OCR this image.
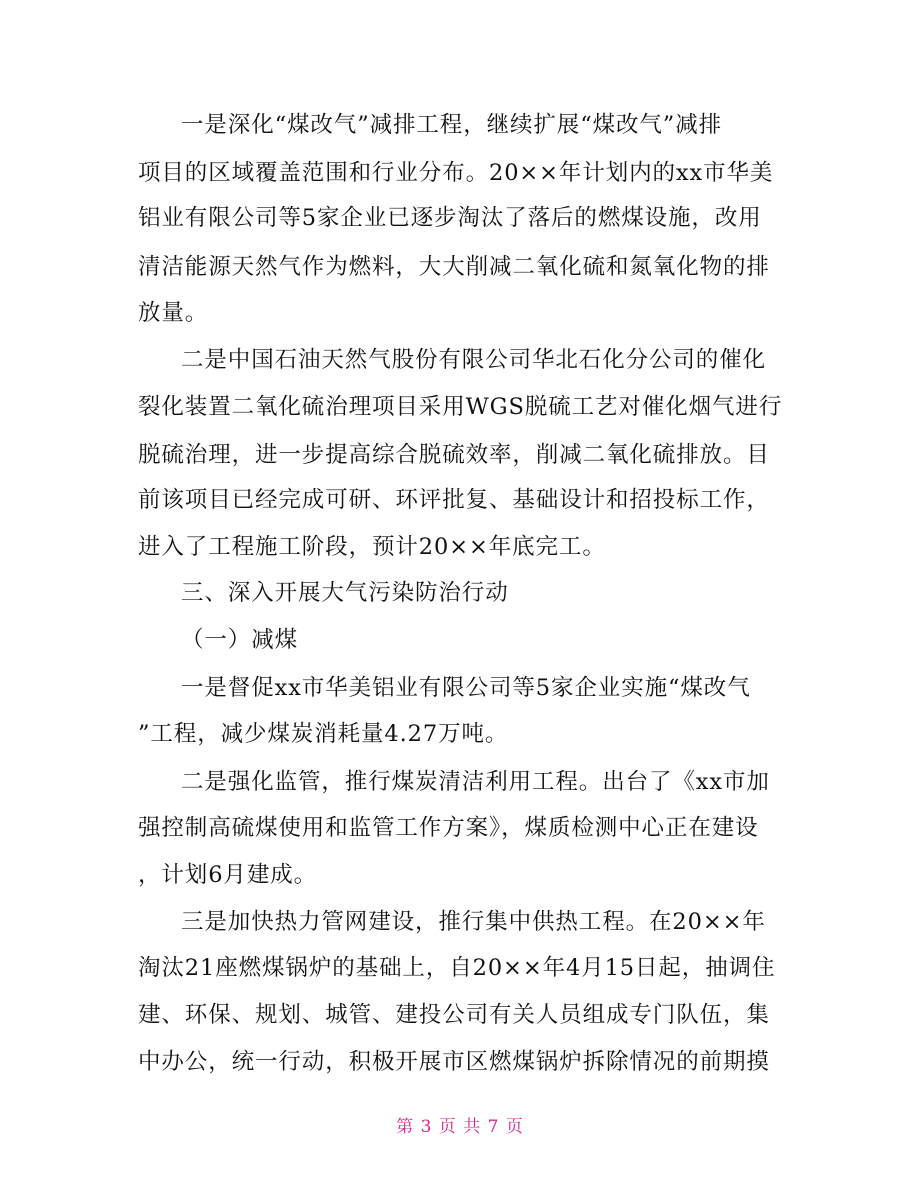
一是深化“煤改气”减排工程，继续扩展“煤改气”减排
项目的区域覆盖范围和行业分布。20××年计划内的xx市华美
铝业有限公司等5家企业已逐步淘汰了落后的燃煤设施，改用
清洁能源天然气作为燃料，大大削减二氧化硫和氮氧化物的排
放量。
二是中国石油天然气股份有限公司华北石化分公司的催化
裂化装置二氧化硫治理项目采用WGS脱硫工艺对催化烟气进行
脱硫治理，进一步提高综合脱硫效率，削减二氧化硫排放。目
前该项目已经完成可研、环评批复、基础设计和招投标工作，
进入了工程施工阶段，预计20××年底完工。
三、深入开展大气污染防治行动
（一）减煤
一是督促xx市华美铝业有限公司等5家企业实施“煤改气
”工程，减少煤炭消耗量4.27万吨。
二是强化监管，推行煤炭清洁利用工程。出台了《xx市加
强控制高硫煤使用和监管工作方案》，煤质检测中心正在建设
，计划6月建成。
三是加快热力管网建设，推行集中供热工程。在20××年
淘汰21座燃煤锅炉的基础上，自20××年4月15日起，抽调住
建、环保、规划、城管、建投公司有关人员组成专门队伍，集
中办公，统一行动，积极开展市区燃煤锅炉拆除情况的前期摸
第 3 页 共 7 页
